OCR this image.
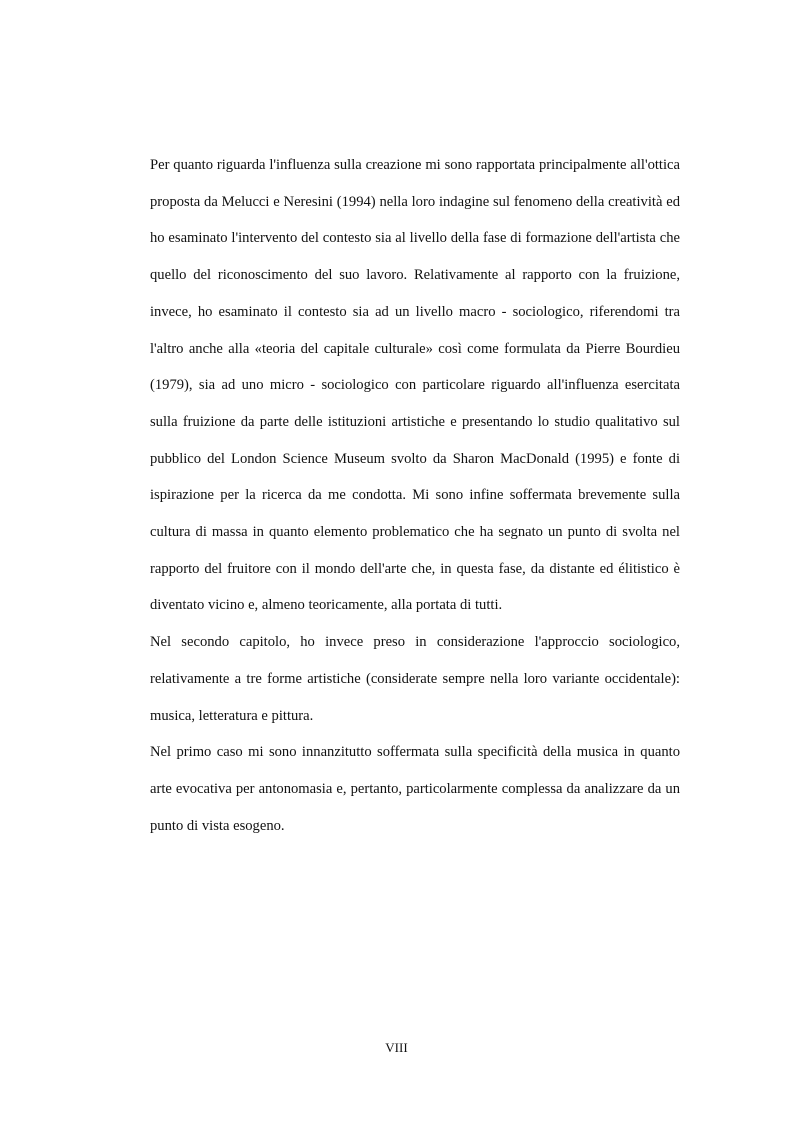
Per quanto riguarda l'influenza sulla creazione mi sono rapportata principalmente all'ottica proposta da Melucci e Neresini (1994) nella loro indagine sul fenomeno della creatività ed ho esaminato l'intervento del contesto sia al livello della fase di formazione dell'artista che quello del riconoscimento del suo lavoro. Relativamente al rapporto con la fruizione, invece, ho esaminato il contesto sia ad un livello macro - sociologico, riferendomi tra l'altro anche alla «teoria del capitale culturale» così come formulata da Pierre Bourdieu (1979), sia ad uno micro - sociologico con particolare riguardo all'influenza esercitata sulla fruizione da parte delle istituzioni artistiche e presentando lo studio qualitativo sul pubblico del London Science Museum svolto da Sharon MacDonald (1995) e fonte di ispirazione per la ricerca da me condotta. Mi sono infine soffermata brevemente sulla cultura di massa in quanto elemento problematico che ha segnato un punto di svolta nel rapporto del fruitore con il mondo dell'arte che, in questa fase, da distante ed élitistico è diventato vicino e, almeno teoricamente, alla portata di tutti.

Nel secondo capitolo, ho invece preso in considerazione l'approccio sociologico, relativamente a tre forme artistiche (considerate sempre nella loro variante occidentale): musica, letteratura e pittura.

Nel primo caso mi sono innanzitutto soffermata sulla specificità della musica in quanto arte evocativa per antonomasia e, pertanto, particolarmente complessa da analizzare da un punto di vista esogeno.

VIII
